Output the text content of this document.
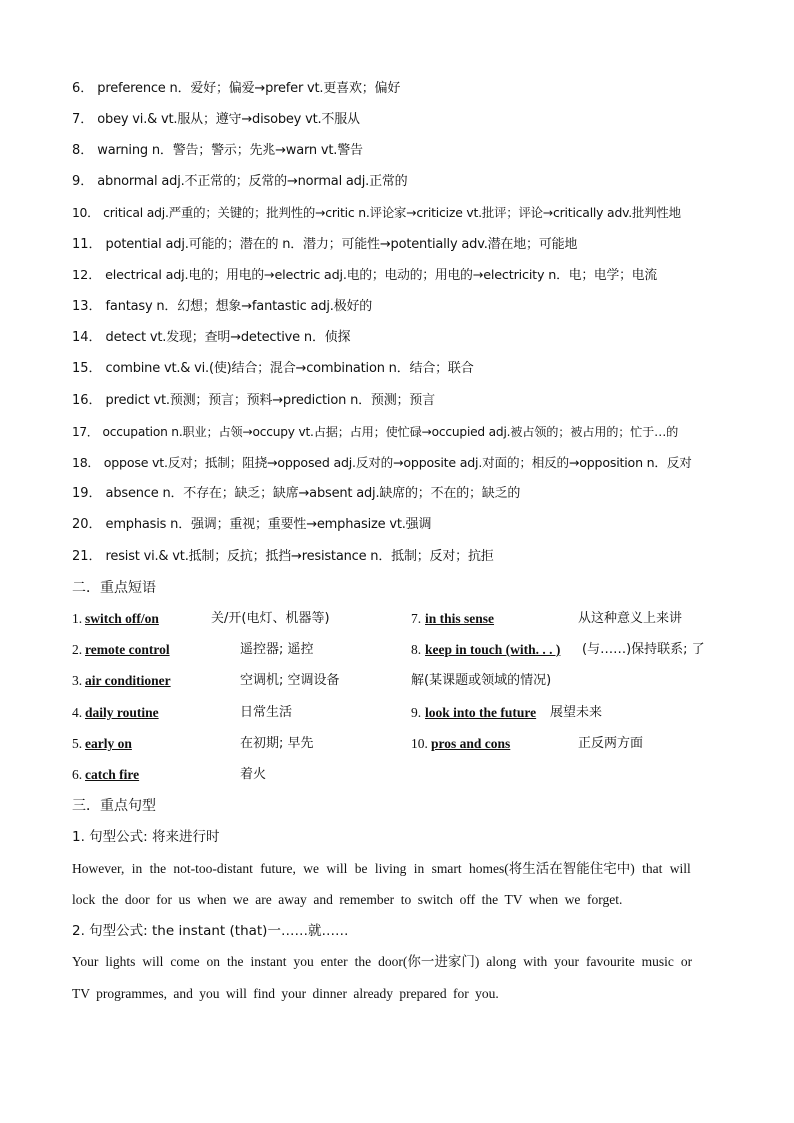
6． preference n．爱好；偏爱→prefer vt.更喜欢；偏好
7． obey vi.& vt.服从；遵守→disobey vt.不服从
8． warning n．警告；警示；先兆→warn vt.警告
9． abnormal adj.不正常的；反常的→normal adj.正常的
10． critical adj.严重的；关键的；批判性的→critic n.评论家→criticize vt.批评；评论→critically adv.批判性地
11． potential adj.可能的；潜在的 n．潜力；可能性→potentially adv.潜在地；可能地
12． electrical adj.电的；用电的→electric adj.电的；电动的；用电的→electricity n．电；电学；电流
13． fantasy n．幻想；想象→fantastic adj.极好的
14． detect vt.发现；查明→detective n．侦探
15． combine vt.& vi.(使)结合；混合→combination n．结合；联合
16． predict vt.预测；预言；预料→prediction n．预测；预言
17． occupation n.职业；占领→occupy vt.占据；占用；使忙碌→occupied adj.被占领的；被占用的；忙于…的
18． oppose vt.反对；抵制；阻挠→opposed adj.反对的→opposite adj.对面的；相反的→opposition n．反对
19． absence n．不存在；缺乏；缺席→absent adj.缺席的；不在的；缺乏的
20． emphasis n．强调；重视；重要性→emphasize vt.强调
21． resist vi.& vt.抵制；反抗；抵挡→resistance n．抵制；反对；抗拒
二．重点短语
1. switch off/on	关/开(电灯、机器等)	7. in this sense	从这种意义上来讲
2. remote control	遥控器; 遥控	8. keep in touch (with. . . ) (与……)保持联系; 了
3. air conditioner	空调机; 空调设备	解(某课题或领域的情况)
4. daily routine	日常生活	9. look into the future 展望未来
5. early on	在初期; 早先	10. pros and cons	正反两方面
6. catch fire	着火
三．重点句型
1. 句型公式: 将来进行时
However, in the not-too-distant future, we will be living in smart homes(将生活在智能住宅中) that will
lock the door for us when we are away and remember to switch off the TV when we forget.
2. 句型公式: the instant (that)一……就……
Your lights will come on the instant you enter the door(你一进家门) along with your favourite music or
TV programmes, and you will find your dinner already prepared for you.
